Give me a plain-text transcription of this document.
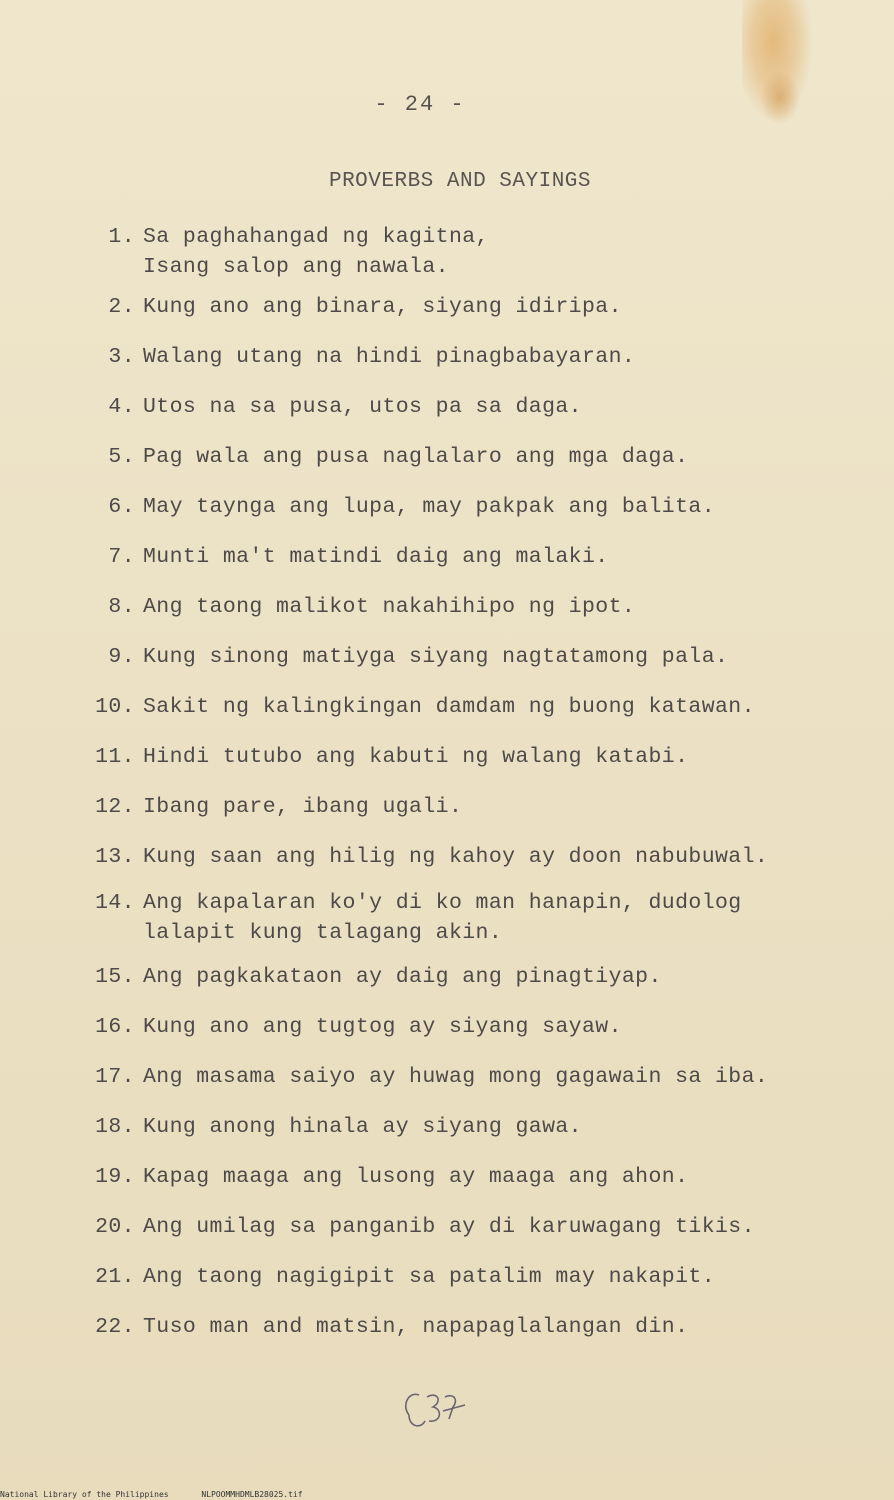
- 24 -
PROVERBS AND SAYINGS
1. Sa paghahangad ng kagitna,
Isang salop ang nawala.
2. Kung ano ang binara, siyang idiripa.
3. Walang utang na hindi pinagbabayaran.
4. Utos na sa pusa, utos pa sa daga.
5. Pag wala ang pusa naglalaro ang mga daga.
6. May taynga ang lupa, may pakpak ang balita.
7. Munti ma't matindi daig ang malaki.
8. Ang taong malikot nakahihipo ng ipot.
9. Kung sinong matiyga siyang nagtatamong pala.
10. Sakit ng kalingkingan damdam ng buong katawan.
11. Hindi tutubo ang kabuti ng walang katabi.
12. Ibang pare, ibang ugali.
13. Kung saan ang hilig ng kahoy ay doon nabubuwal.
14. Ang kapalaran ko'y di ko man hanapin, dudolog
lalapit kung talagang akin.
15. Ang pagkakataon ay daig ang pinagtiyap.
16. Kung ano ang tugtog ay siyang sayaw.
17. Ang masama saiyo ay huwag mong gagawain sa iba.
18. Kung anong hinala ay siyang gawa.
19. Kapag maaga ang lusong ay maaga ang ahon.
20. Ang umilag sa panganib ay di karuwagang tikis.
21. Ang taong nagigipit sa patalim may nakapit.
22. Tuso man and matsin, napapaglalangan din.
National Library of the Philippines	NLPOOMMHDMLB28025.tif
